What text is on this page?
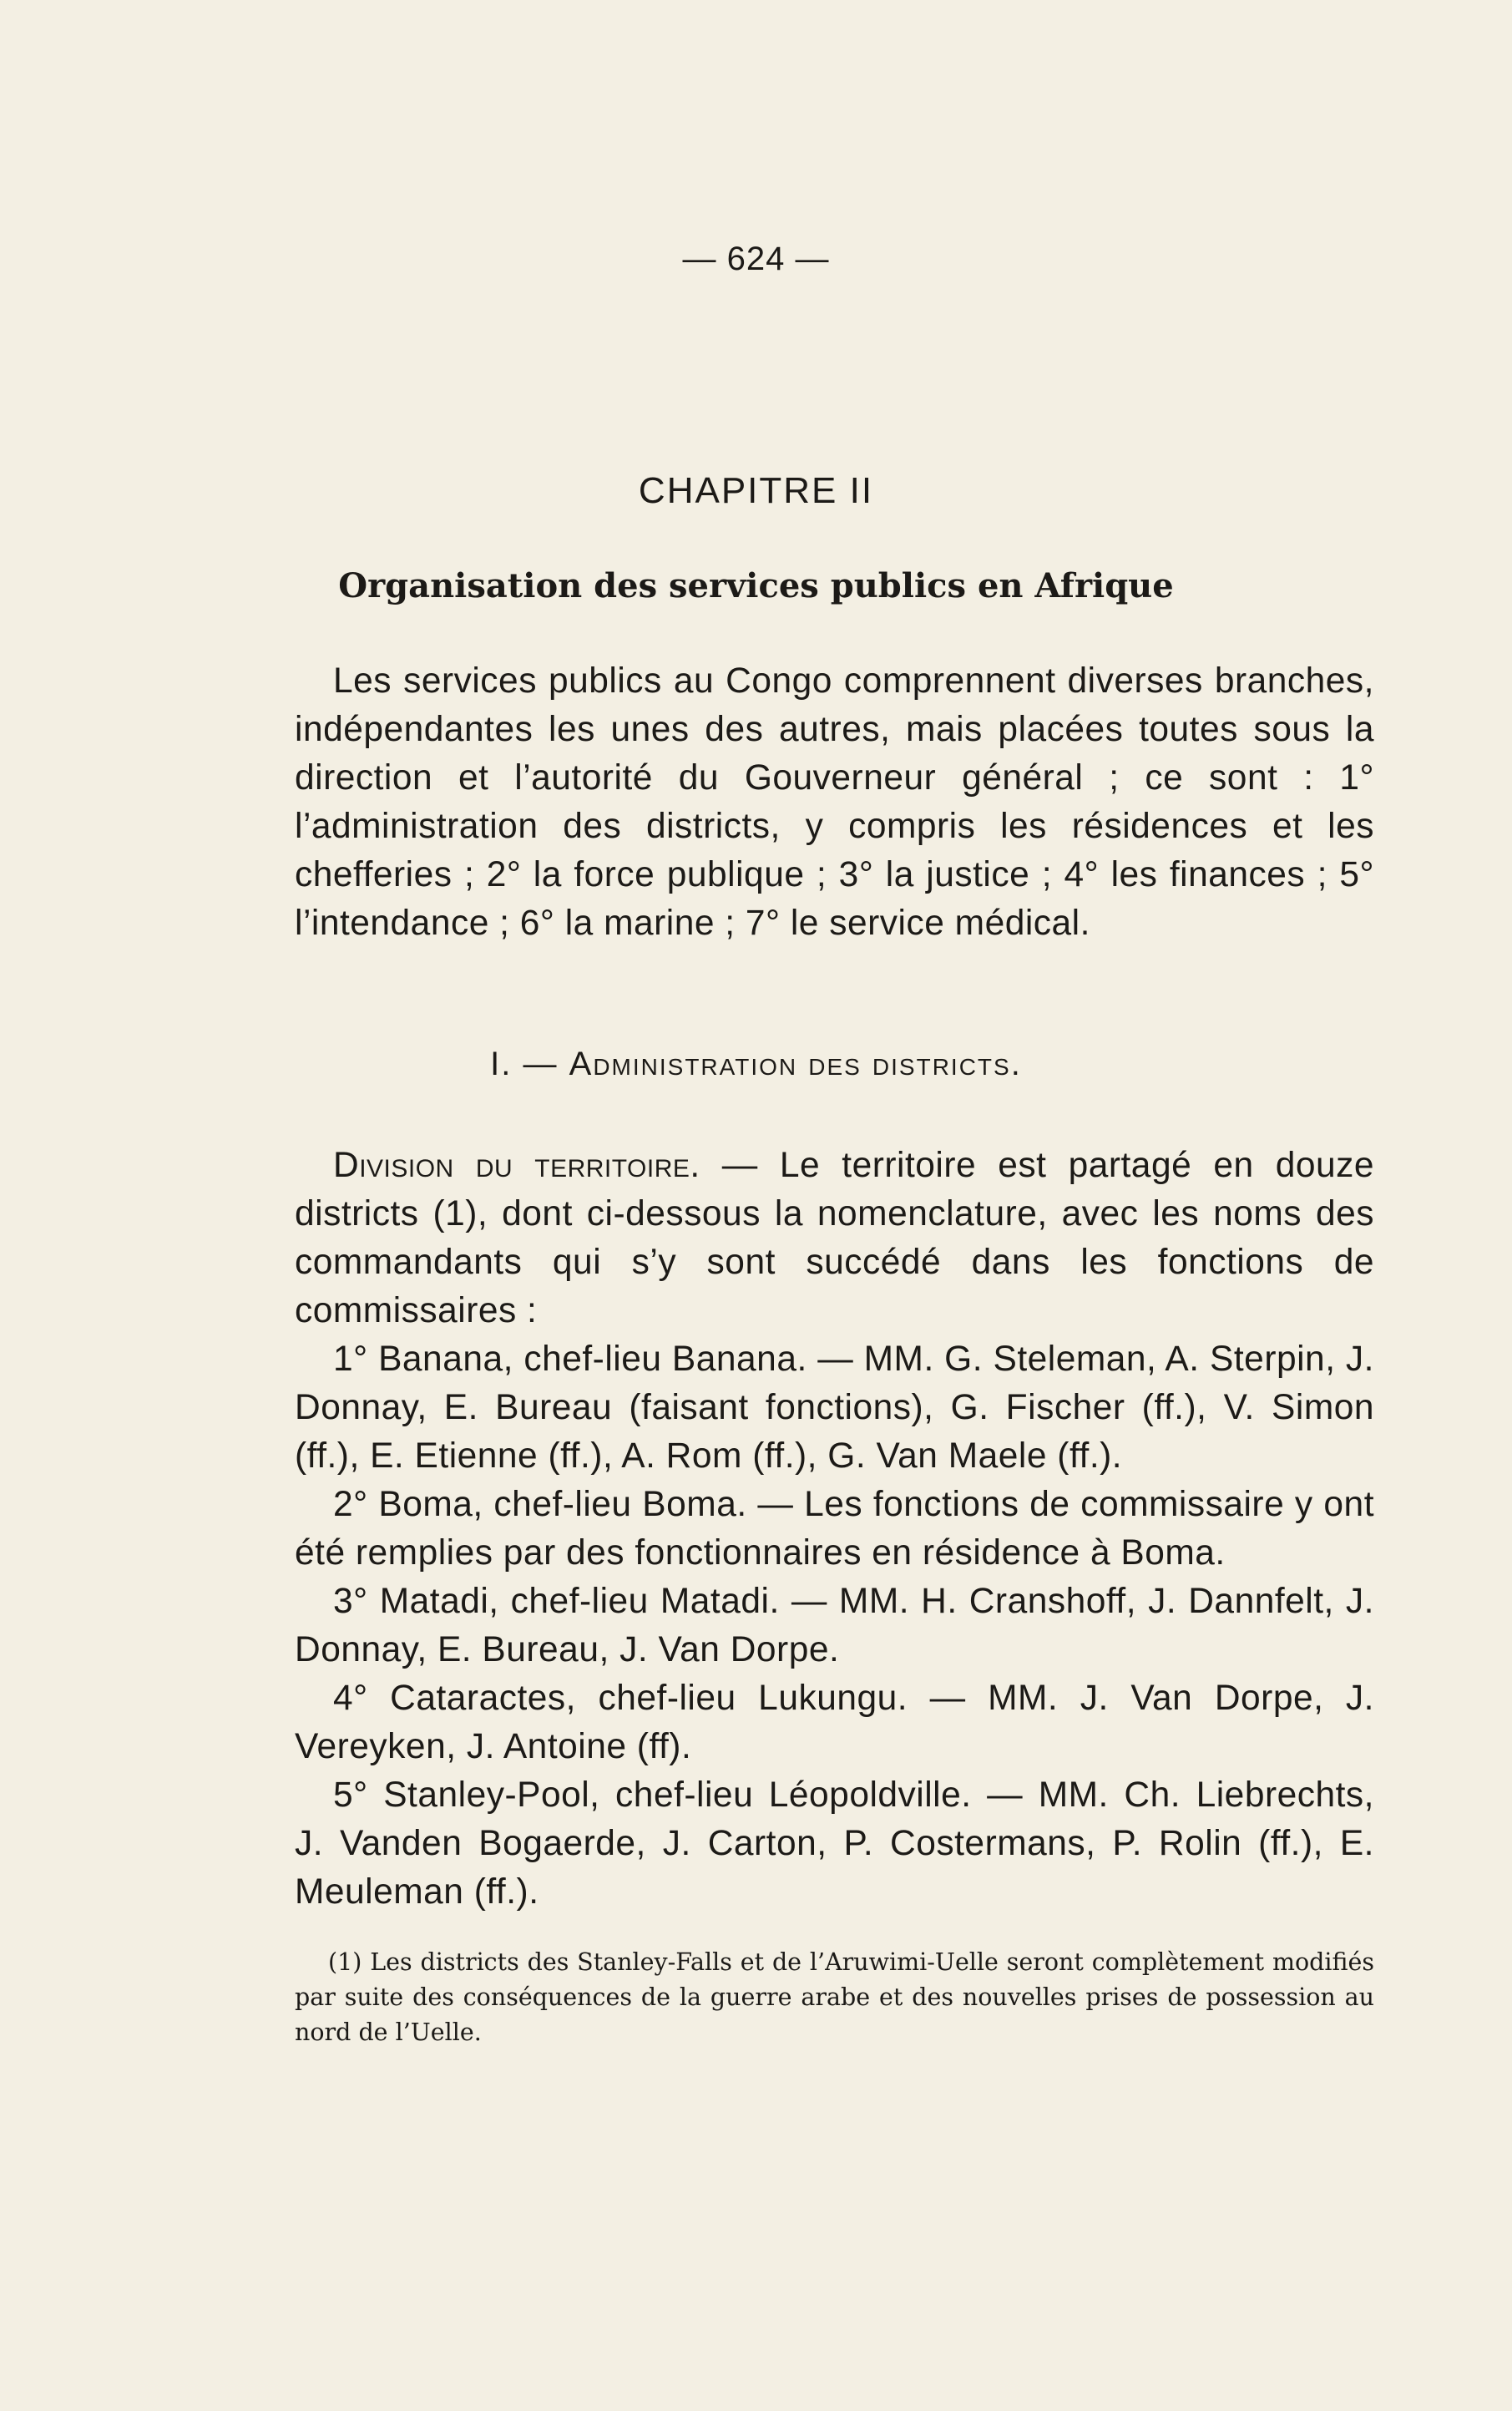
— 624 —
CHAPITRE II
Organisation des services publics en Afrique

Les services publics au Congo comprennent diverses branches, indépendantes les unes des autres, mais placées toutes sous la direction et l’autorité du Gouverneur général ; ce sont : 1° l’administration des districts, y compris les résidences et les chefferies ; 2° la force publique ; 3° la justice ; 4° les finances ; 5° l’intendance ; 6° la marine ; 7° le service médical.

I. — Administration des districts.

Division du territoire. — Le territoire est partagé en douze districts (1), dont ci-dessous la nomenclature, avec les noms des commandants qui s’y sont succédé dans les fonctions de commissaires :

1° Banana, chef-lieu Banana. — MM. G. Steleman, A. Sterpin, J. Donnay, E. Bureau (faisant fonctions), G. Fischer (ff.), V. Simon (ff.), E. Etienne (ff.), A. Rom (ff.), G. Van Maele (ff.).

2° Boma, chef-lieu Boma. — Les fonctions de commissaire y ont été remplies par des fonctionnaires en résidence à Boma.

3° Matadi, chef-lieu Matadi. — MM. H. Cranshoff, J. Dannfelt, J. Donnay, E. Bureau, J. Van Dorpe.

4° Cataractes, chef-lieu Lukungu. — MM. J. Van Dorpe, J. Vereyken, J. Antoine (ff).

5° Stanley-Pool, chef-lieu Léopoldville. — MM. Ch. Liebrechts, J. Vanden Bogaerde, J. Carton, P. Costermans, P. Rolin (ff.), E. Meuleman (ff.).

(1) Les districts des Stanley-Falls et de l’Aruwimi-Uelle seront complètement modifiés par suite des conséquences de la guerre arabe et des nouvelles prises de possession au nord de l’Uelle.
